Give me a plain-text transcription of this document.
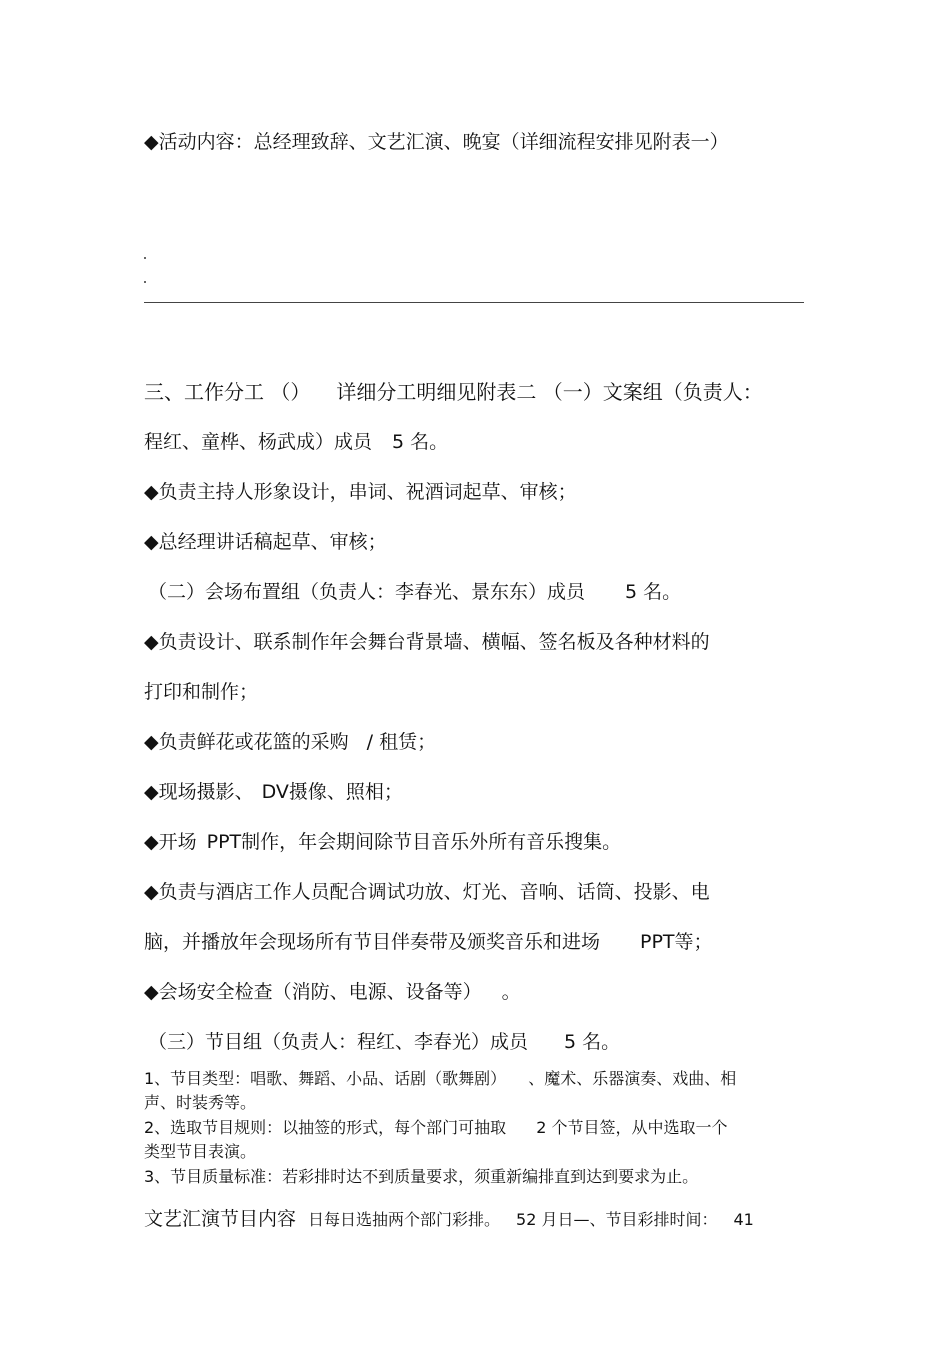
◆活动内容：总经理致辞、文艺汇演、晚宴（详细流程安排见附表一）
三、工作分工 （） 详细分工明细见附表二 （一）文案组（负责人：
程红、童桦、杨武成）成员 5 名。
◆负责主持人形象设计，串词、祝酒词起草、审核；
◆总经理讲话稿起草、审核；
（二）会场布置组（负责人：李春光、景东东）成员 5 名。
◆负责设计、联系制作年会舞台背景墙、横幅、签名板及各种材料的
打印和制作；
◆负责鲜花或花篮的采购 / 租赁；
◆现场摄影、 DV摄像、照相；
◆开场 PPT制作，年会期间除节目音乐外所有音乐搜集。
◆负责与酒店工作人员配合调试功放、灯光、音响、话筒、投影、电
脑，并播放年会现场所有节目伴奏带及颁奖音乐和进场 PPT等；
◆会场安全检查（消防、电源、设备等） 。
（三）节目组（负责人：程红、李春光）成员 5 名。
1、节目类型：唱歌、舞蹈、小品、话剧（歌舞剧） 、魔术、乐器演奏、戏曲、相
声、时装秀等。
2、选取节目规则：以抽签的形式，每个部门可抽取 2 个节目签，从中选取一个
类型节目表演。
3、节目质量标准：若彩排时达不到质量要求，须重新编排直到达到要求为止。
文艺汇演节目内容 日每日选抽两个部门彩排。 52 月日—、节目彩排时间： 41
